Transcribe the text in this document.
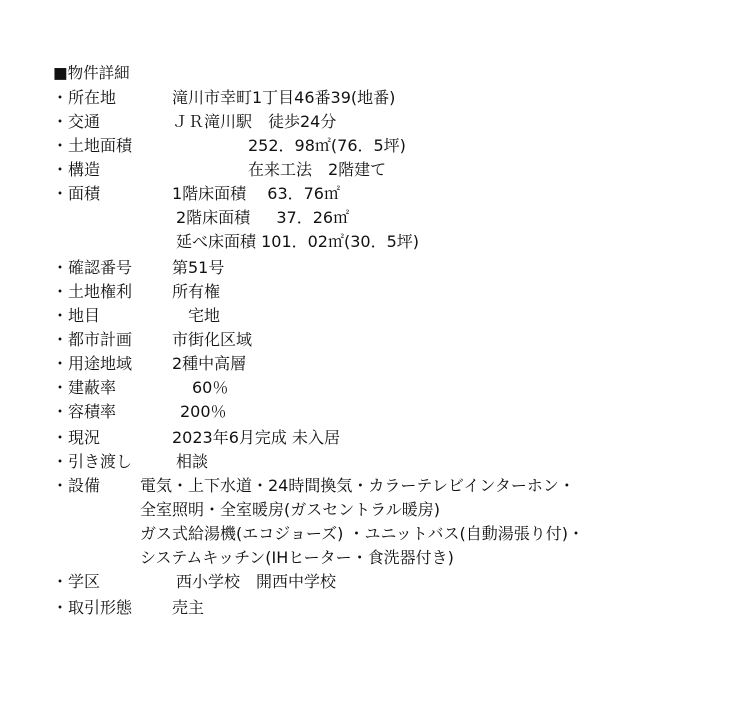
■物件詳細
・所在地	滝川市幸町1丁目46番39(地番)
・交通	ＪＲ滝川駅　徒歩24分
・土地面積	252．98㎡(76．5坪)
・構造	在来工法　2階建て
・面積	1階床面積　 63．76㎡
2階床面積 　 37．26㎡
延べ床面積 101．02㎡(30．5坪)
・確認番号 第51号
・土地権利 所有権
・地目	宅地
・都市計画 市街化区域
・用途地域 2種中高層
・建蔽率	60％
・容積率	200％
・現況	2023年6月完成 未入居
・引き渡し	相談
・設備 電気・上下水道・24時間換気・カラーテレビインターホン・
全室照明・全室暖房(ガスセントラル暖房)
ガス式給湯機(エコジョーズ) ・ユニットバス(自動湯張り付)・
システムキッチン(IHヒーター・食洗器付き)
・学区	西小学校　開西中学校
・取引形態 売主
